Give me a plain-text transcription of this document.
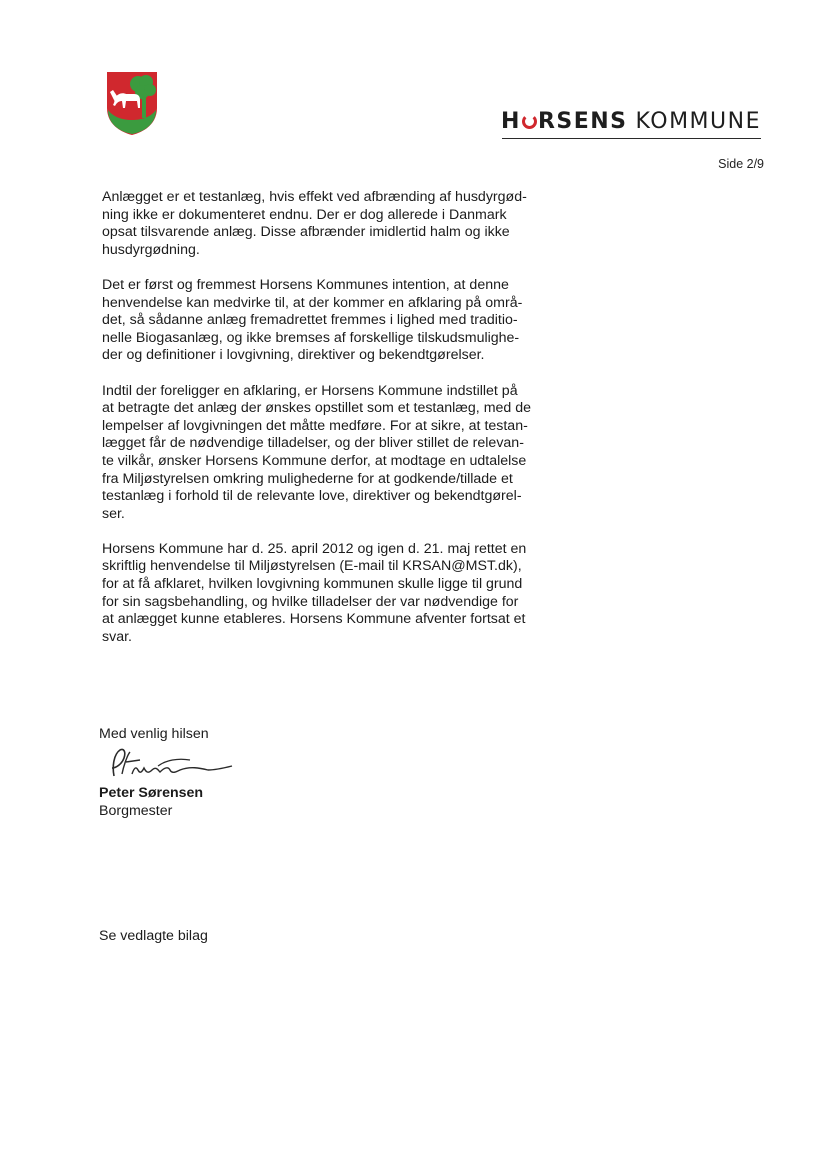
H RSENS KOMMUNE
Side 2/9

Anlægget er et testanlæg, hvis effekt ved afbrænding af husdyrgød-
ning ikke er dokumenteret endnu. Der er dog allerede i Danmark
opsat tilsvarende anlæg. Disse afbrænder imidlertid halm og ikke
husdyrgødning.

Det er først og fremmest Horsens Kommunes intention, at denne
henvendelse kan medvirke til, at der kommer en afklaring på områ-
det, så sådanne anlæg fremadrettet fremmes i lighed med traditio-
nelle Biogasanlæg, og ikke bremses af forskellige tilskudsmulighe-
der og definitioner i lovgivning, direktiver og bekendtgørelser.

Indtil der foreligger en afklaring, er Horsens Kommune indstillet på
at betragte det anlæg der ønskes opstillet som et testanlæg, med de
lempelser af lovgivningen det måtte medføre. For at sikre, at testan-
lægget får de nødvendige tilladelser, og der bliver stillet de relevan-
te vilkår, ønsker Horsens Kommune derfor, at modtage en udtalelse
fra Miljøstyrelsen omkring mulighederne for at godkende/tillade et
testanlæg i forhold til de relevante love, direktiver og bekendtgørel-
ser.

Horsens Kommune har d. 25. april 2012 og igen d. 21. maj rettet en
skriftlig henvendelse til Miljøstyrelsen (E-mail til KRSAN@MST.dk),
for at få afklaret, hvilken lovgivning kommunen skulle ligge til grund
for sin sagsbehandling, og hvilke tilladelser der var nødvendige for
at anlægget kunne etableres. Horsens Kommune afventer fortsat et
svar.

Med venlig hilsen
Peter Sørensen
Borgmester
Se vedlagte bilag
